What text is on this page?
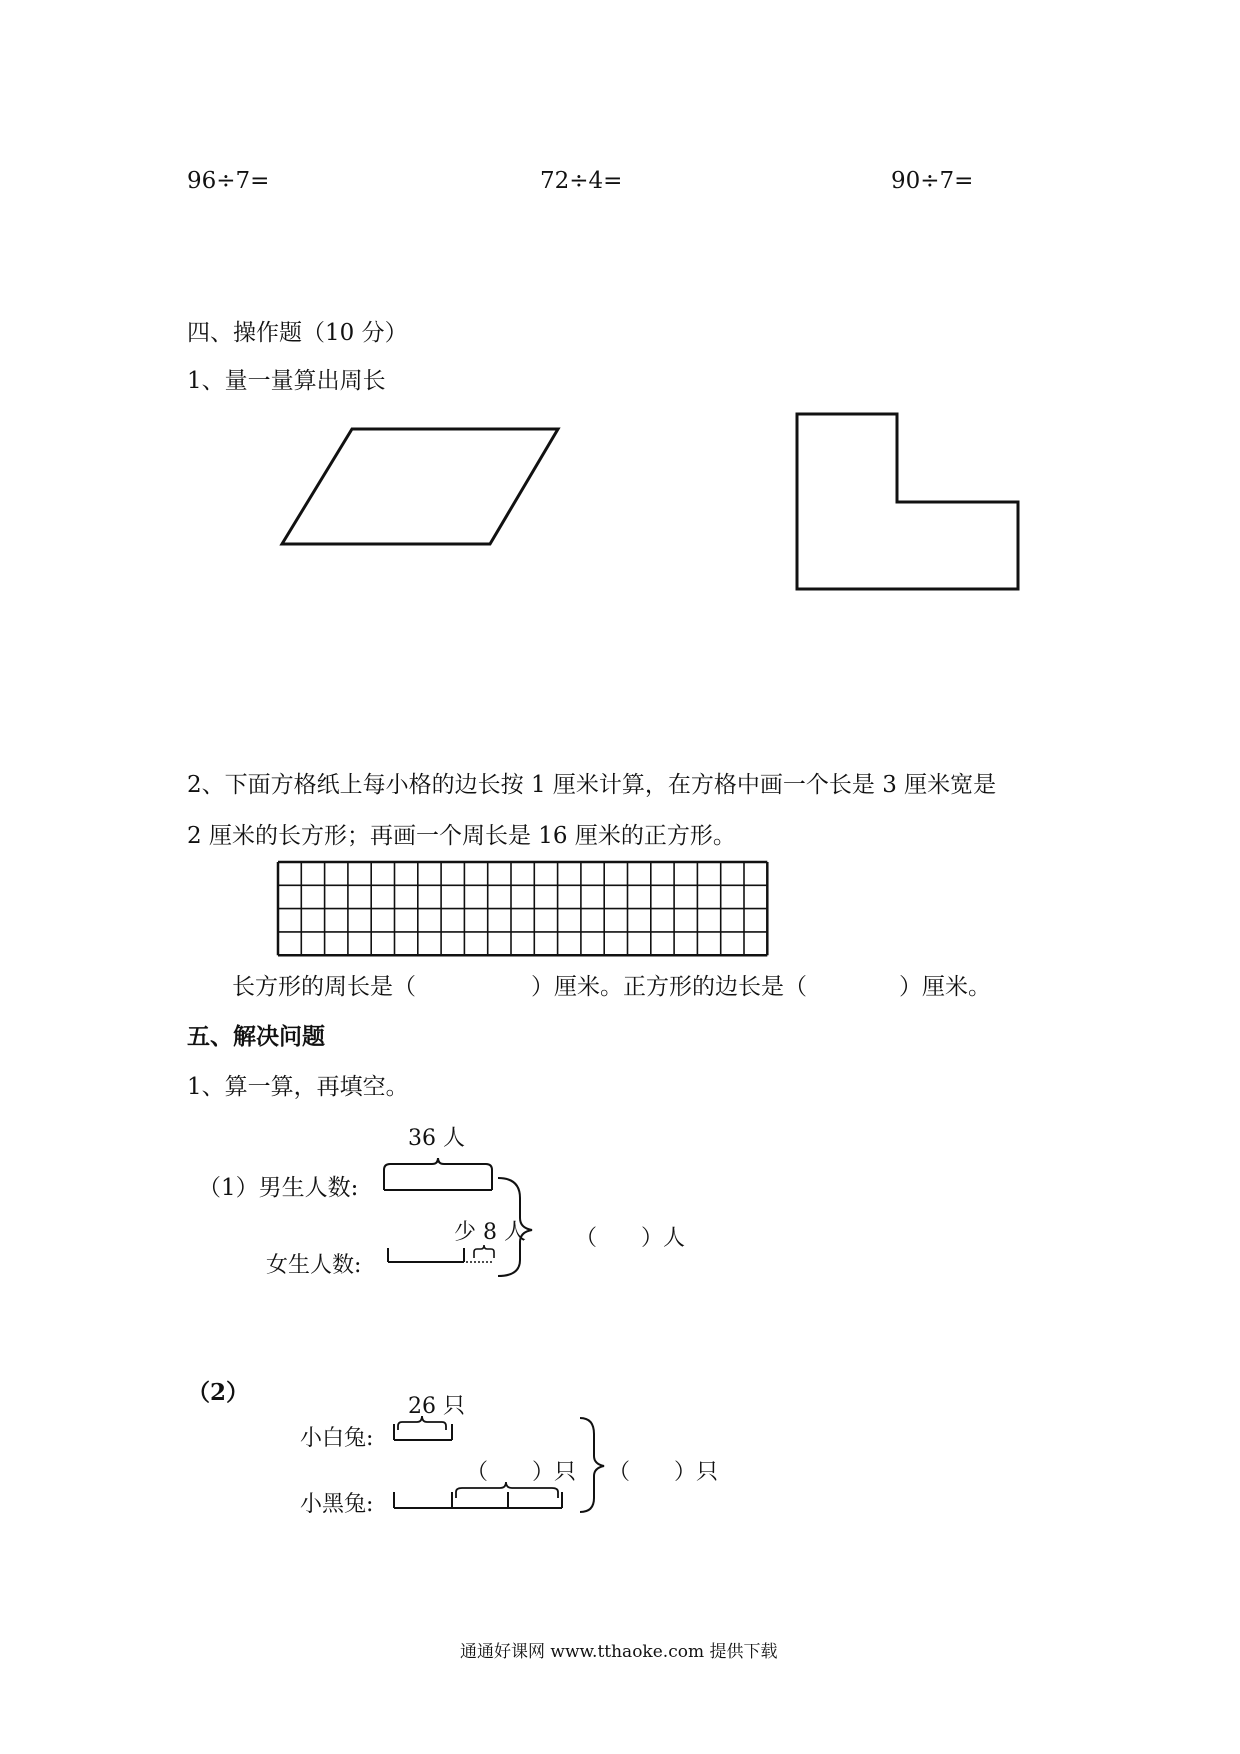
96÷7=	72÷4=	90÷7=
四、操作题（10 分）
1、量一量算出周长
2、下面方格纸上每小格的边长按 1 厘米计算，在方格中画一个长是 3 厘米宽是
2 厘米的长方形；再画一个周长是 16 厘米的正方形。
长方形的周长是（　　　　　）厘米。正方形的边长是（　　　　）厘米。
五、解决问题
1、算一算，再填空。
36 人
（1）男生人数:
少 8 人
女生人数:
（　　）人
（2）
26 只
小白兔:
（　　）只 （　　）只
小黑兔:
通通好课网 www.tthaoke.com 提供下载
